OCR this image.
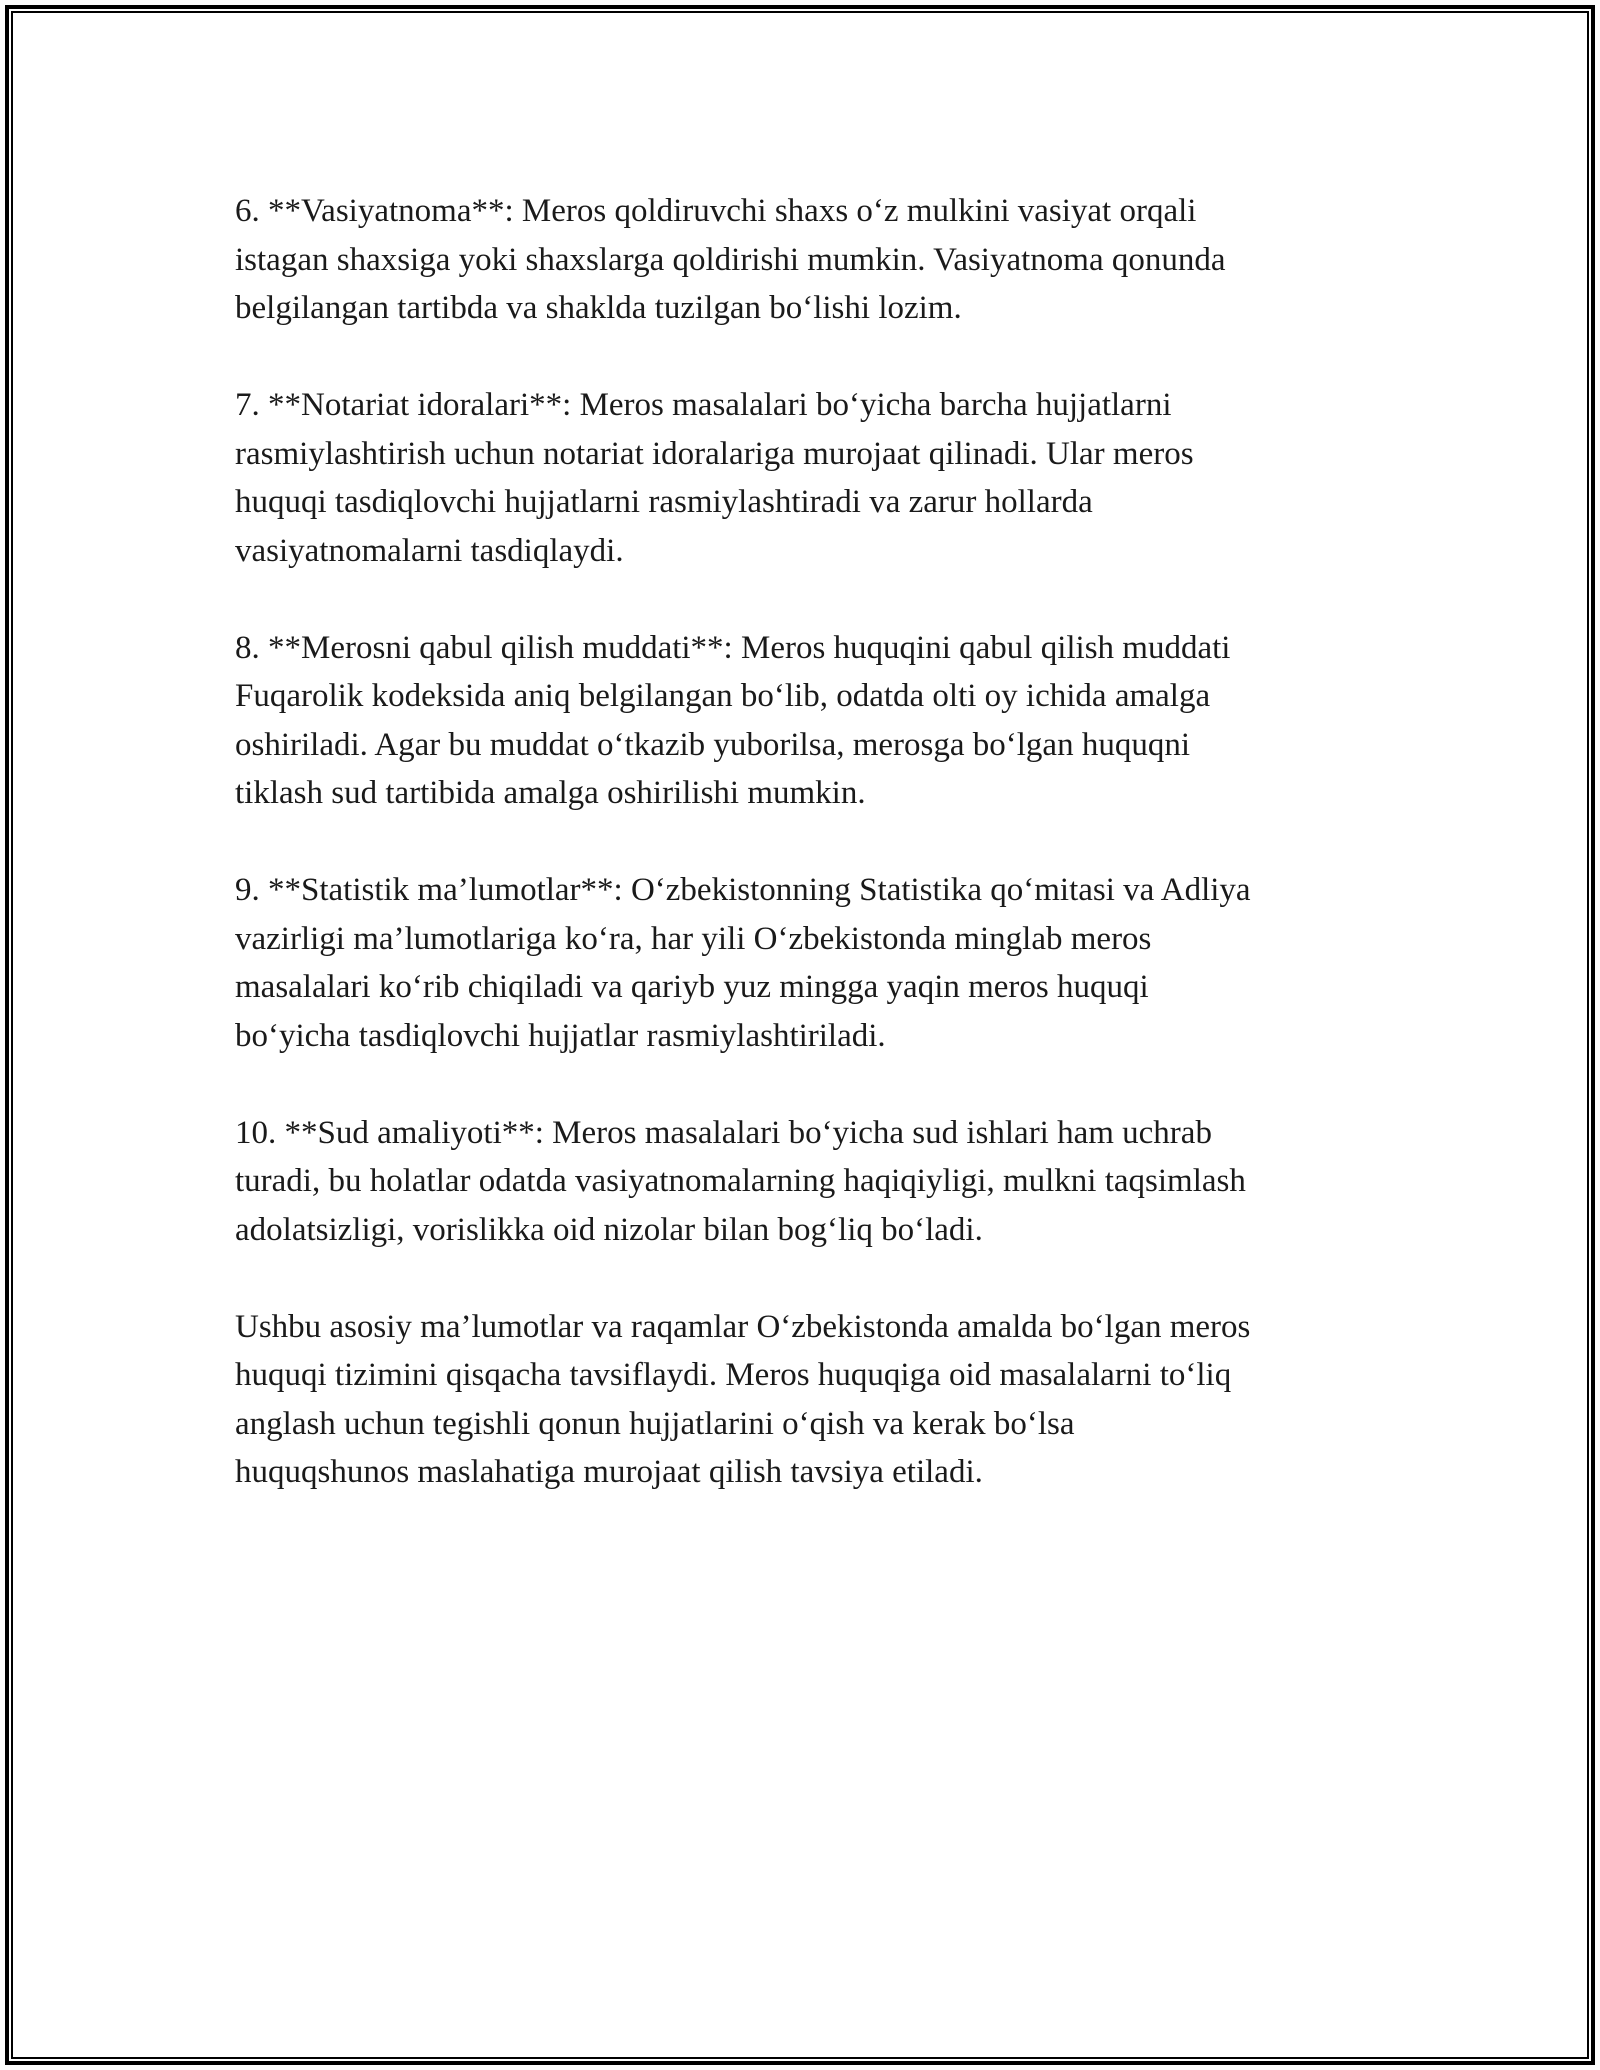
6. **Vasiyatnoma**: Meros qoldiruvchi shaxs o‘z mulkini vasiyat orqali
istagan shaxsiga yoki shaxslarga qoldirishi mumkin. Vasiyatnoma qonunda
belgilangan tartibda va shaklda tuzilgan bo‘lishi lozim.

7. **Notariat idoralari**: Meros masalalari bo‘yicha barcha hujjatlarni
rasmiylashtirish uchun notariat idoralariga murojaat qilinadi. Ular meros
huquqi tasdiqlovchi hujjatlarni rasmiylashtiradi va zarur hollarda
vasiyatnomalarni tasdiqlaydi.

8. **Merosni qabul qilish muddati**: Meros huquqini qabul qilish muddati
Fuqarolik kodeksida aniq belgilangan bo‘lib, odatda olti oy ichida amalga
oshiriladi. Agar bu muddat o‘tkazib yuborilsa, merosga bo‘lgan huquqni
tiklash sud tartibida amalga oshirilishi mumkin.

9. **Statistik ma’lumotlar**: O‘zbekistonning Statistika qo‘mitasi va Adliya
vazirligi ma’lumotlariga ko‘ra, har yili O‘zbekistonda minglab meros
masalalari ko‘rib chiqiladi va qariyb yuz mingga yaqin meros huquqi
bo‘yicha tasdiqlovchi hujjatlar rasmiylashtiriladi.

10. **Sud amaliyoti**: Meros masalalari bo‘yicha sud ishlari ham uchrab
turadi, bu holatlar odatda vasiyatnomalarning haqiqiyligi, mulkni taqsimlash
adolatsizligi, vorislikka oid nizolar bilan bog‘liq bo‘ladi.

Ushbu asosiy ma’lumotlar va raqamlar O‘zbekistonda amalda bo‘lgan meros
huquqi tizimini qisqacha tavsiflaydi. Meros huquqiga oid masalalarni to‘liq
anglash uchun tegishli qonun hujjatlarini o‘qish va kerak bo‘lsa
huquqshunos maslahatiga murojaat qilish tavsiya etiladi.
